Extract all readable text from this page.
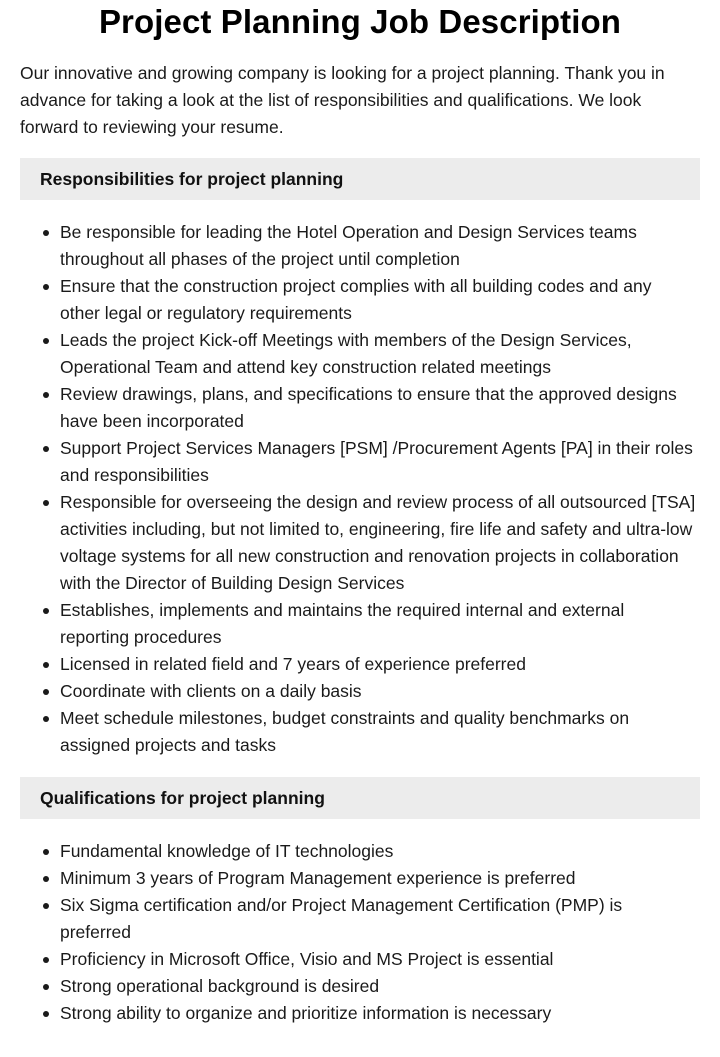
Project Planning Job Description

Our innovative and growing company is looking for a project planning. Thank you in advance for taking a look at the list of responsibilities and qualifications. We look forward to reviewing your resume.

Responsibilities for project planning
Be responsible for leading the Hotel Operation and Design Services teams throughout all phases of the project until completion
Ensure that the construction project complies with all building codes and any other legal or regulatory requirements
Leads the project Kick-off Meetings with members of the Design Services, Operational Team and attend key construction related meetings
Review drawings, plans, and specifications to ensure that the approved designs have been incorporated
Support Project Services Managers [PSM] /Procurement Agents [PA] in their roles and responsibilities
Responsible for overseeing the design and review process of all outsourced [TSA] activities including, but not limited to, engineering, fire life and safety and ultra-low voltage systems for all new construction and renovation projects in collaboration with the Director of Building Design Services
Establishes, implements and maintains the required internal and external reporting procedures
Licensed in related field and 7 years of experience preferred
Coordinate with clients on a daily basis
Meet schedule milestones, budget constraints and quality benchmarks on assigned projects and tasks
Qualifications for project planning
Fundamental knowledge of IT technologies
Minimum 3 years of Program Management experience is preferred
Six Sigma certification and/or Project Management Certification (PMP) is preferred
Proficiency in Microsoft Office, Visio and MS Project is essential
Strong operational background is desired
Strong ability to organize and prioritize information is necessary
